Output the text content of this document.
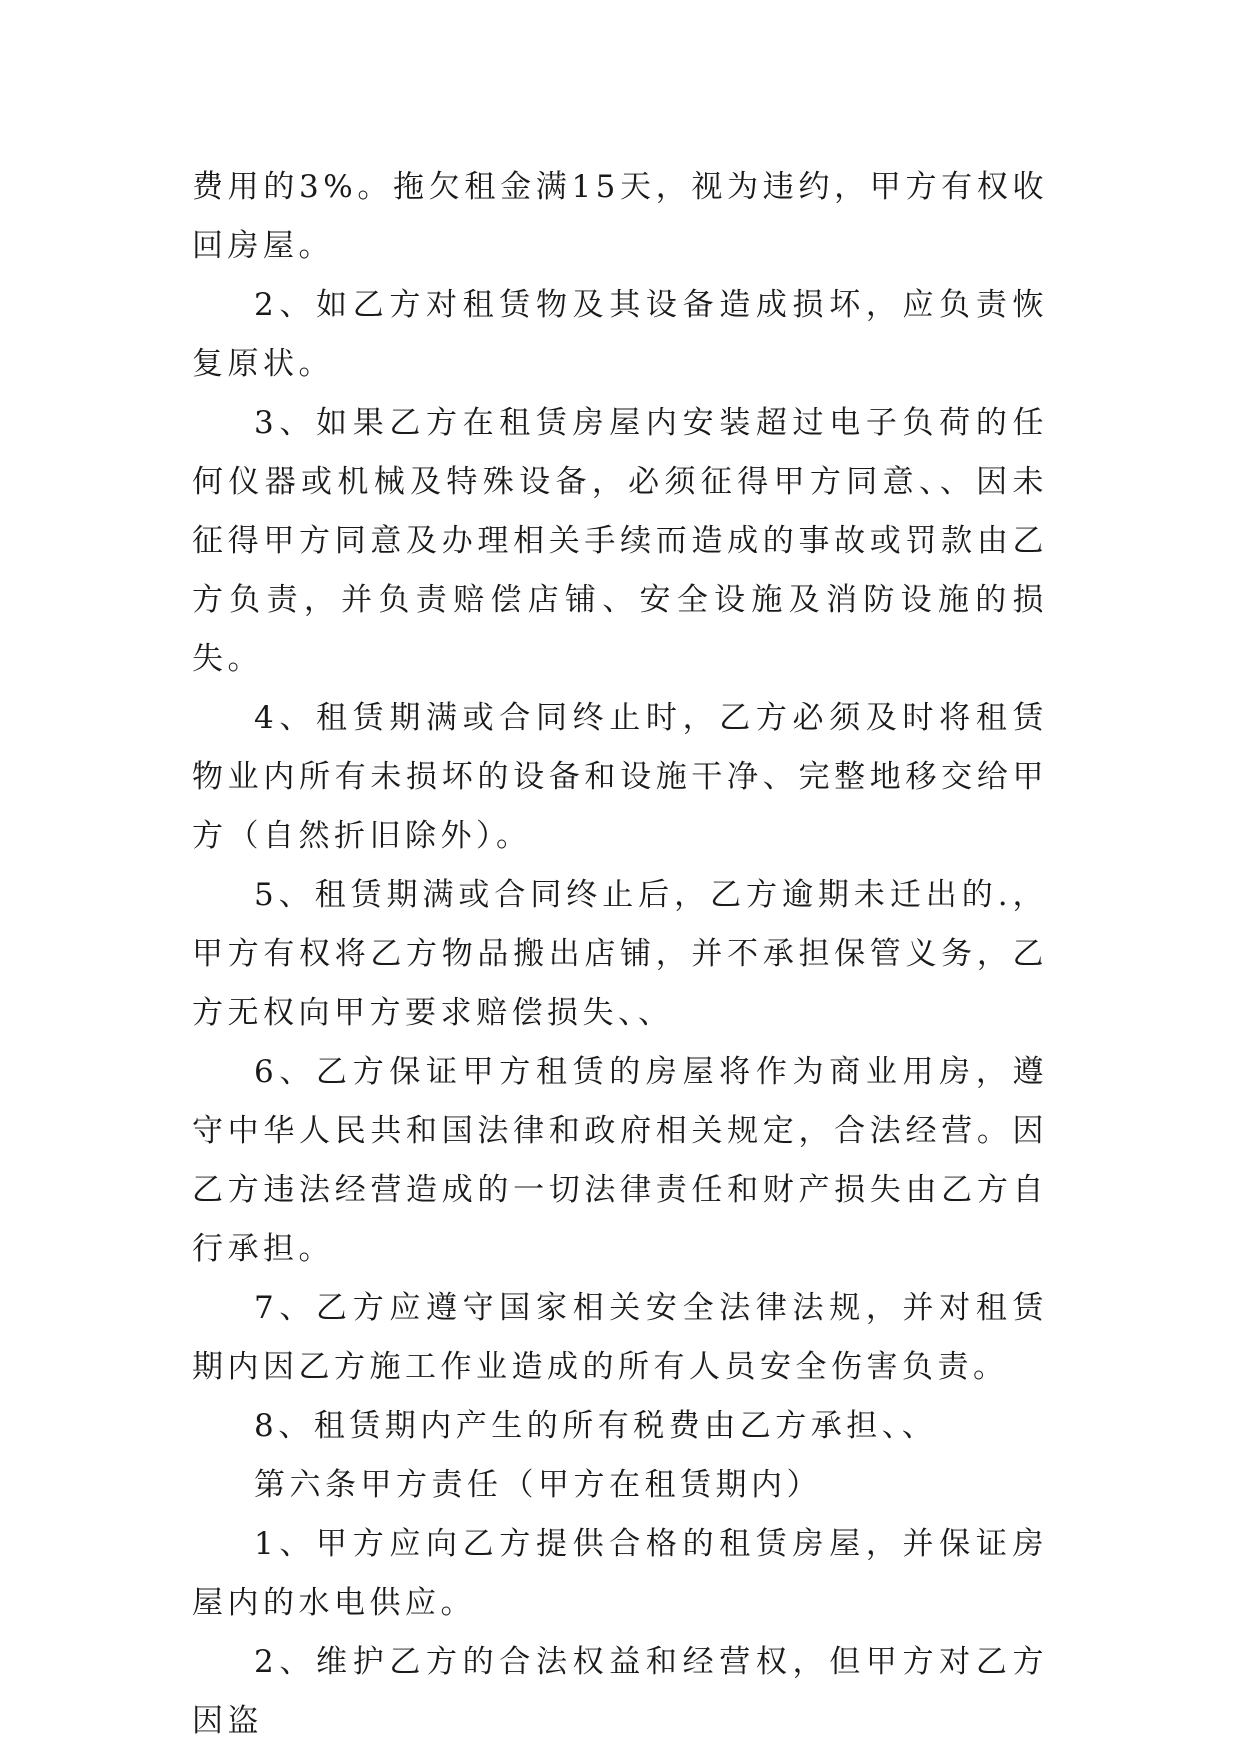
费用的3%。拖欠租金满15天，视为违约，甲方有权收回房屋。

2、如乙方对租赁物及其设备造成损坏，应负责恢复原状。

3、如果乙方在租赁房屋内安装超过电子负荷的任何仪器或机械及特殊设备，必须征得甲方同意、、因未征得甲方同意及办理相关手续而造成的事故或罚款由乙方负责，并负责赔偿店铺、安全设施及消防设施的损失。

4、租赁期满或合同终止时，乙方必须及时将租赁物业内所有未损坏的设备和设施干净、完整地移交给甲方（自然折旧除外）。

5、租赁期满或合同终止后，乙方逾期未迁出的.，甲方有权将乙方物品搬出店铺，并不承担保管义务，乙方无权向甲方要求赔偿损失、、

6、乙方保证甲方租赁的房屋将作为商业用房，遵守中华人民共和国法律和政府相关规定，合法经营。因乙方违法经营造成的一切法律责任和财产损失由乙方自行承担。

7、乙方应遵守国家相关安全法律法规，并对租赁期内因乙方施工作业造成的所有人员安全伤害负责。

8、租赁期内产生的所有税费由乙方承担、、

第六条甲方责任（甲方在租赁期内）

1、甲方应向乙方提供合格的租赁房屋，并保证房屋内的水电供应。

2、维护乙方的合法权益和经营权，但甲方对乙方因盗
